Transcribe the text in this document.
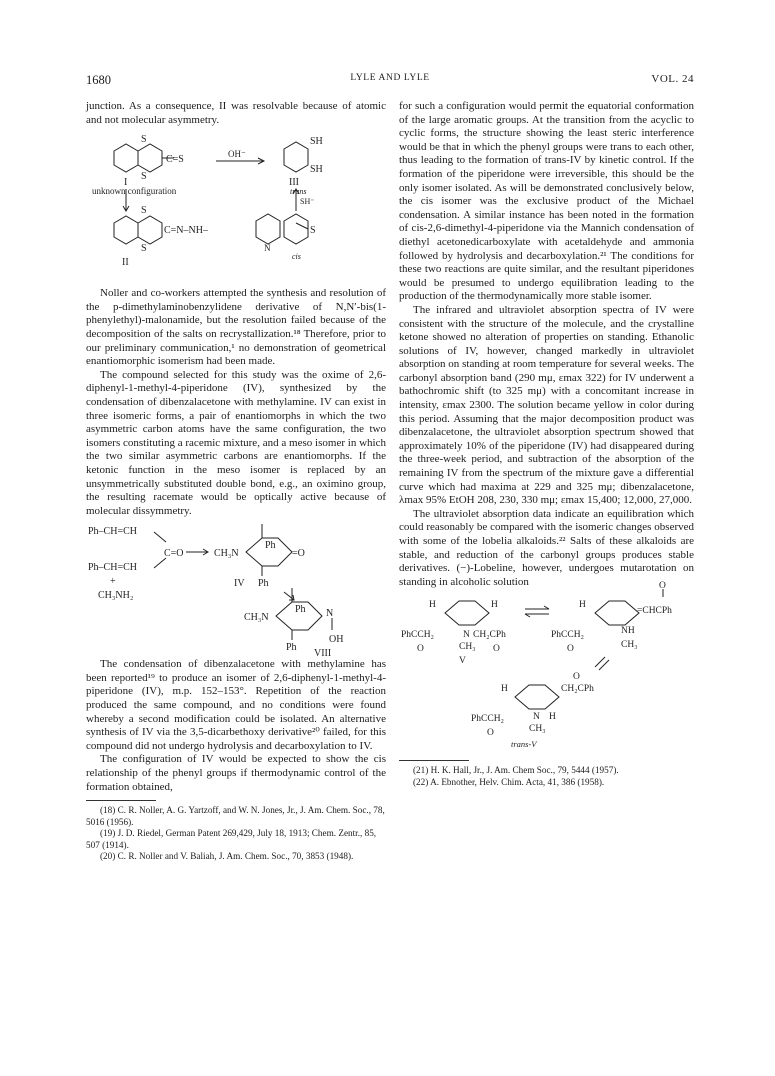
1680	LYLE AND LYLE	VOL. 24

junction. As a consequence, II was resolvable because of atomic and not molecular asymmetry.

S
C=S
S
OH⁻
SH
SH
I
unknown configuration
III
trans
SH⁻
S
S
C=N–NH–
N
S
II
cis

Noller and co-workers attempted the synthesis and resolution of the p-dimethylaminobenzylidene derivative of N,N′-bis(1-phenylethyl)-malonamide, but the resolution failed because of the decomposition of the salts on recrystallization.¹⁸ Therefore, prior to our preliminary communication,¹ no demonstration of geometrical enantiomorphic isomerism had been made.

The compound selected for this study was the oxime of 2,6-diphenyl-1-methyl-4-piperidone (IV), synthesized by the condensation of dibenzalacetone with methylamine. IV can exist in three isomeric forms, a pair of enantiomorphs in which the two asymmetric carbon atoms have the same configuration, the two isomers constituting a racemic mixture, and a meso isomer in which the two similar asymmetric carbons are enantiomorphs. If the ketonic function in the meso isomer is replaced by an unsymmetrically substituted double bond, e.g., an oximino group, the resulting racemate would be optically active because of molecular dissymmetry.

Ph–CH=CH
C=O
Ph–CH=CH
+
CH₃NH₂
CH₃N
Ph
=O
Ph
IV
CH₃N
Ph N
OH
Ph
VIII

The condensation of dibenzalacetone with methylamine has been reported¹⁹ to produce an isomer of 2,6-diphenyl-1-methyl-4-piperidone (IV), m.p. 152–153°. Repetition of the reaction produced the same compound, and no conditions were found whereby a second modification could be isolated. An alternative synthesis of IV via the 3,5-dicarbethoxy derivative²⁰ failed, for this compound did not undergo hydrolysis and decarboxylation to IV.

The configuration of IV would be expected to show the cis relationship of the phenyl groups if thermodynamic control of the formation obtained,

(18) C. R. Noller, A. G. Yartzoff, and W. N. Jones, Jr., J. Am. Chem. Soc., 78, 5016 (1956).

(19) J. D. Riedel, German Patent 269,429, July 18, 1913; Chem. Zentr., 85, 507 (1914).

(20) C. R. Noller and V. Baliah, J. Am. Chem. Soc., 70, 3853 (1948).

for such a configuration would permit the equatorial conformation of the large aromatic groups. At the transition from the acyclic to cyclic forms, the structure showing the least steric interference would be that in which the phenyl groups were trans to each other, thus leading to the formation of trans-IV by kinetic control. If the formation of the piperidone were irreversible, this should be the only isomer isolated. As will be demonstrated conclusively below, the cis isomer was the exclusive product of the Michael condensation. A similar instance has been noted in the formation of cis-2,6-dimethyl-4-piperidone via the Mannich condensation of diethyl acetonedicarboxylate with acetaldehyde and ammonia followed by hydrolysis and decarboxylation.²¹ The conditions for these two reactions are quite similar, and the resultant piperidones would be presumed to undergo equilibration leading to the production of the thermodynamically more stable isomer.

The infrared and ultraviolet absorption spectra of IV were consistent with the structure of the molecule, and the crystalline ketone showed no alteration of properties on standing. Ethanolic solutions of IV, however, changed markedly in ultraviolet absorption on standing at room temperature for several weeks. The carbonyl absorption band (290 mμ, εmax 322) for IV underwent a bathochromic shift (to 325 mμ) with a concomitant increase in intensity, εmax 2300. The solution became yellow in color during this period. Assuming that the major decomposition product was dibenzalacetone, the ultraviolet absorption spectrum showed that approximately 10% of the piperidone (IV) had disappeared during the three-week period, and subtraction of the absorption of the remaining IV from the spectrum of the mixture gave a differential curve which had maxima at 229 and 325 mμ; dibenzalacetone, λmax 95% EtOH 208, 230, 330 mμ; εmax 15,400; 12,000, 27,000.

The ultraviolet absorption data indicate an equilibration which could reasonably be compared with the isomeric changes observed with some of the lobelia alkaloids.²² Salts of these alkaloids are stable, and reduction of the carbonyl groups produces stable derivatives. (−)-Lobeline, however, undergoes mutarotation on standing in alcoholic solution

H	H
PhCCH₂	N CH₂CPh
O	CH₃ O
V
H
O
=CHCPh
PhCCH₂	NH
O	CH₃
O
H	CH₂CPh
PhCCH₂	N H
O	CH₃
trans-V

(21) H. K. Hall, Jr., J. Am. Chem Soc., 79, 5444 (1957).

(22) A. Ebnother, Helv. Chim. Acta, 41, 386 (1958).
